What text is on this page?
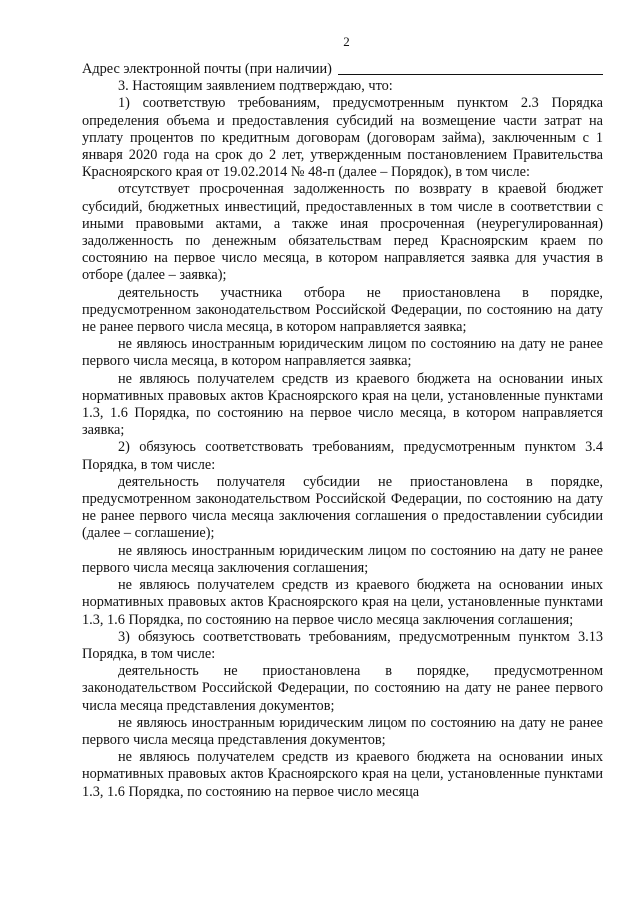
2
Адрес электронной почты (при наличии)

3. Настоящим заявлением подтверждаю, что:

1) соответствую требованиям, предусмотренным пунктом 2.3 Порядка определения объема и предоставления субсидий на возмещение части затрат на уплату процентов по кредитным договорам (договорам займа), заключенным с 1 января 2020 года на срок до 2 лет, утвержденным постановлением Правительства Красноярского края от 19.02.2014 № 48-п (далее – Порядок), в том числе:

отсутствует просроченная задолженность по возврату в краевой бюджет субсидий, бюджетных инвестиций, предоставленных в том числе в соответствии с иными правовыми актами, а также иная просроченная (неурегулированная) задолженность по денежным обязательствам перед Красноярским краем по состоянию на первое число месяца, в котором направляется заявка для участия в отборе (далее – заявка);

деятельность участника отбора не приостановлена в порядке, предусмотренном законодательством Российской Федерации, по состоянию на дату не ранее первого числа месяца, в котором направляется заявка;

не являюсь иностранным юридическим лицом по состоянию на дату не ранее первого числа месяца, в котором направляется заявка;

не являюсь получателем средств из краевого бюджета на основании иных нормативных правовых актов Красноярского края на цели, установленные пунктами 1.3, 1.6 Порядка, по состоянию на первое число месяца, в котором направляется заявка;

2) обязуюсь соответствовать требованиям, предусмотренным пунктом 3.4 Порядка, в том числе:

деятельность получателя субсидии не приостановлена в порядке, предусмотренном законодательством Российской Федерации, по состоянию на дату не ранее первого числа месяца заключения соглашения о предоставлении субсидии (далее – соглашение);

не являюсь иностранным юридическим лицом по состоянию на дату не ранее первого числа месяца заключения соглашения;

не являюсь получателем средств из краевого бюджета на основании иных нормативных правовых актов Красноярского края на цели, установленные пунктами 1.3, 1.6 Порядка, по состоянию на первое число месяца заключения соглашения;

3) обязуюсь соответствовать требованиям, предусмотренным пунктом 3.13 Порядка, в том числе:

деятельность не приостановлена в порядке, предусмотренном законодательством Российской Федерации, по состоянию на дату не ранее первого числа месяца представления документов;

не являюсь иностранным юридическим лицом по состоянию на дату не ранее первого числа месяца представления документов;

не являюсь получателем средств из краевого бюджета на основании иных нормативных правовых актов Красноярского края на цели, установленные пунктами 1.3, 1.6 Порядка, по состоянию на первое число месяца
